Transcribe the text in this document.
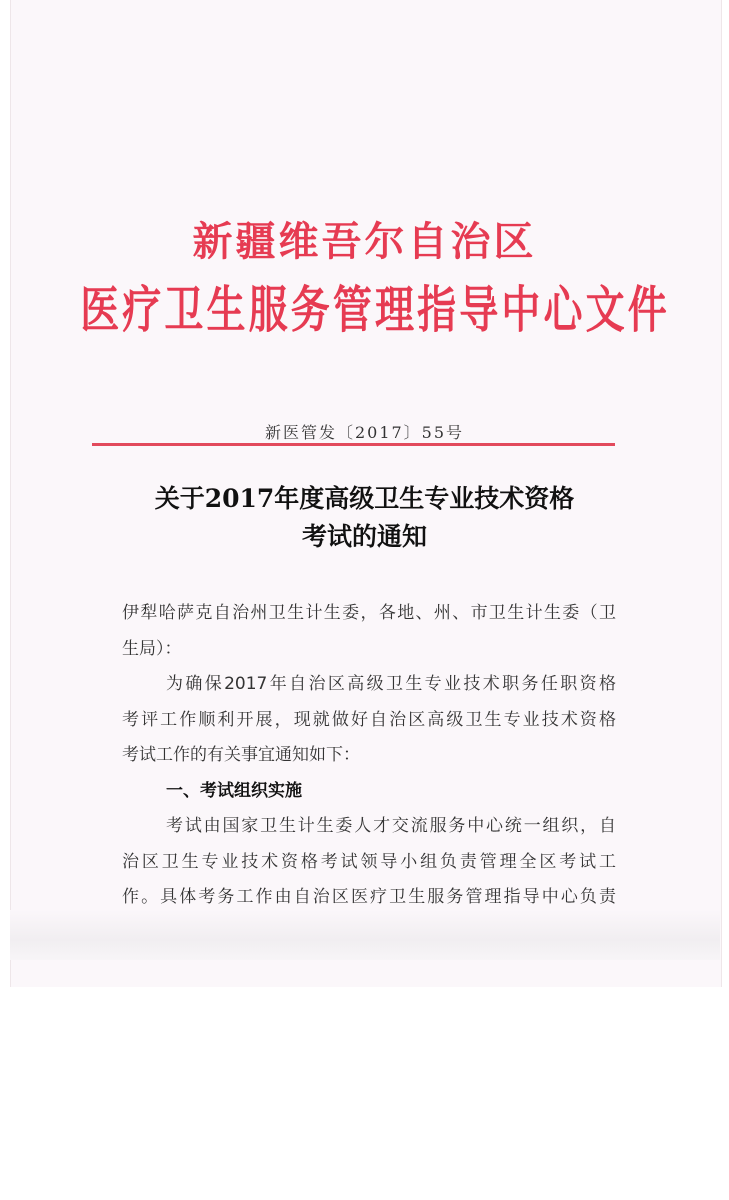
新疆维吾尔自治区
医疗卫生服务管理指导中心文件
新医管发〔2017〕55号
关于2017年度高级卫生专业技术资格
考试的通知
伊犁哈萨克自治州卫生计生委，各地、州、市卫生计生委（卫
生局）：
为确保2017年自治区高级卫生专业技术职务任职资格
考评工作顺利开展，现就做好自治区高级卫生专业技术资格
考试工作的有关事宜通知如下：
一、考试组织实施
考试由国家卫生计生委人才交流服务中心统一组织，自
治区卫生专业技术资格考试领导小组负责管理全区考试工
作。具体考务工作由自治区医疗卫生服务管理指导中心负责
